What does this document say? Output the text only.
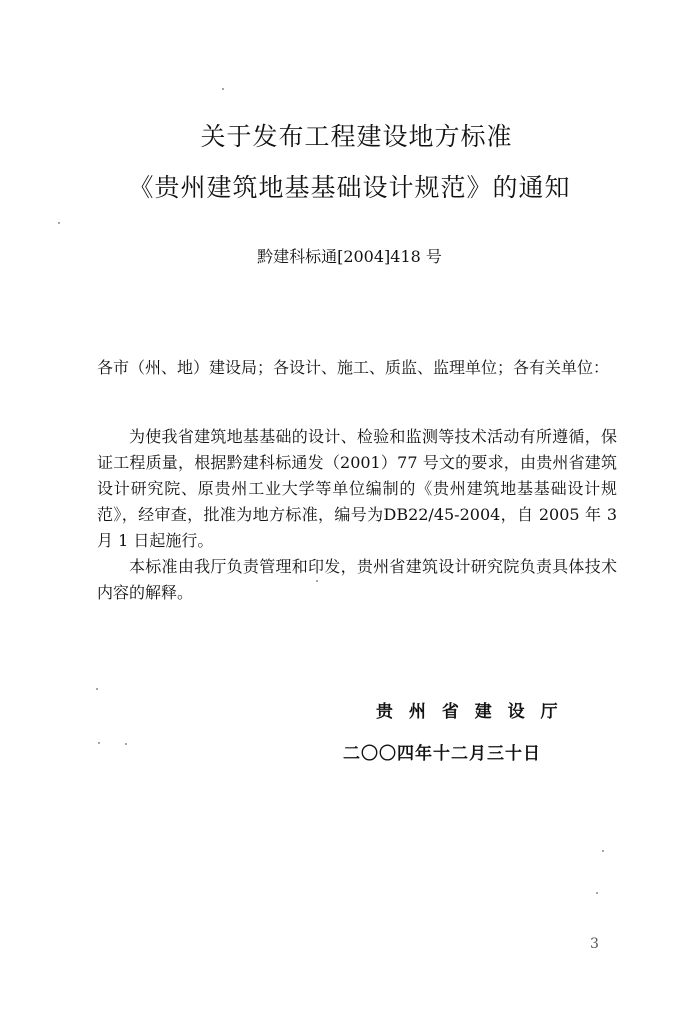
关于发布工程建设地方标准
《贵州建筑地基基础设计规范》的通知
黔建科标通[2004]418 号
各市（州、地）建设局；各设计、施工、质监、监理单位；各有关单位：

为使我省建筑地基基础的设计、检验和监测等技术活动有所遵循，保证工程质量，根据黔建科标通发（2001）77 号文的要求，由贵州省建筑设计研究院、原贵州工业大学等单位编制的《贵州建筑地基基础设计规范》，经审查，批准为地方标准，编号为DB22/45-2004，自 2005 年 3 月 1 日起施行。

本标准由我厅负责管理和印发，贵州省建筑设计研究院负责具体技术内容的解释。

贵 州 省 建 设 厅
二〇〇四年十二月三十日
3
